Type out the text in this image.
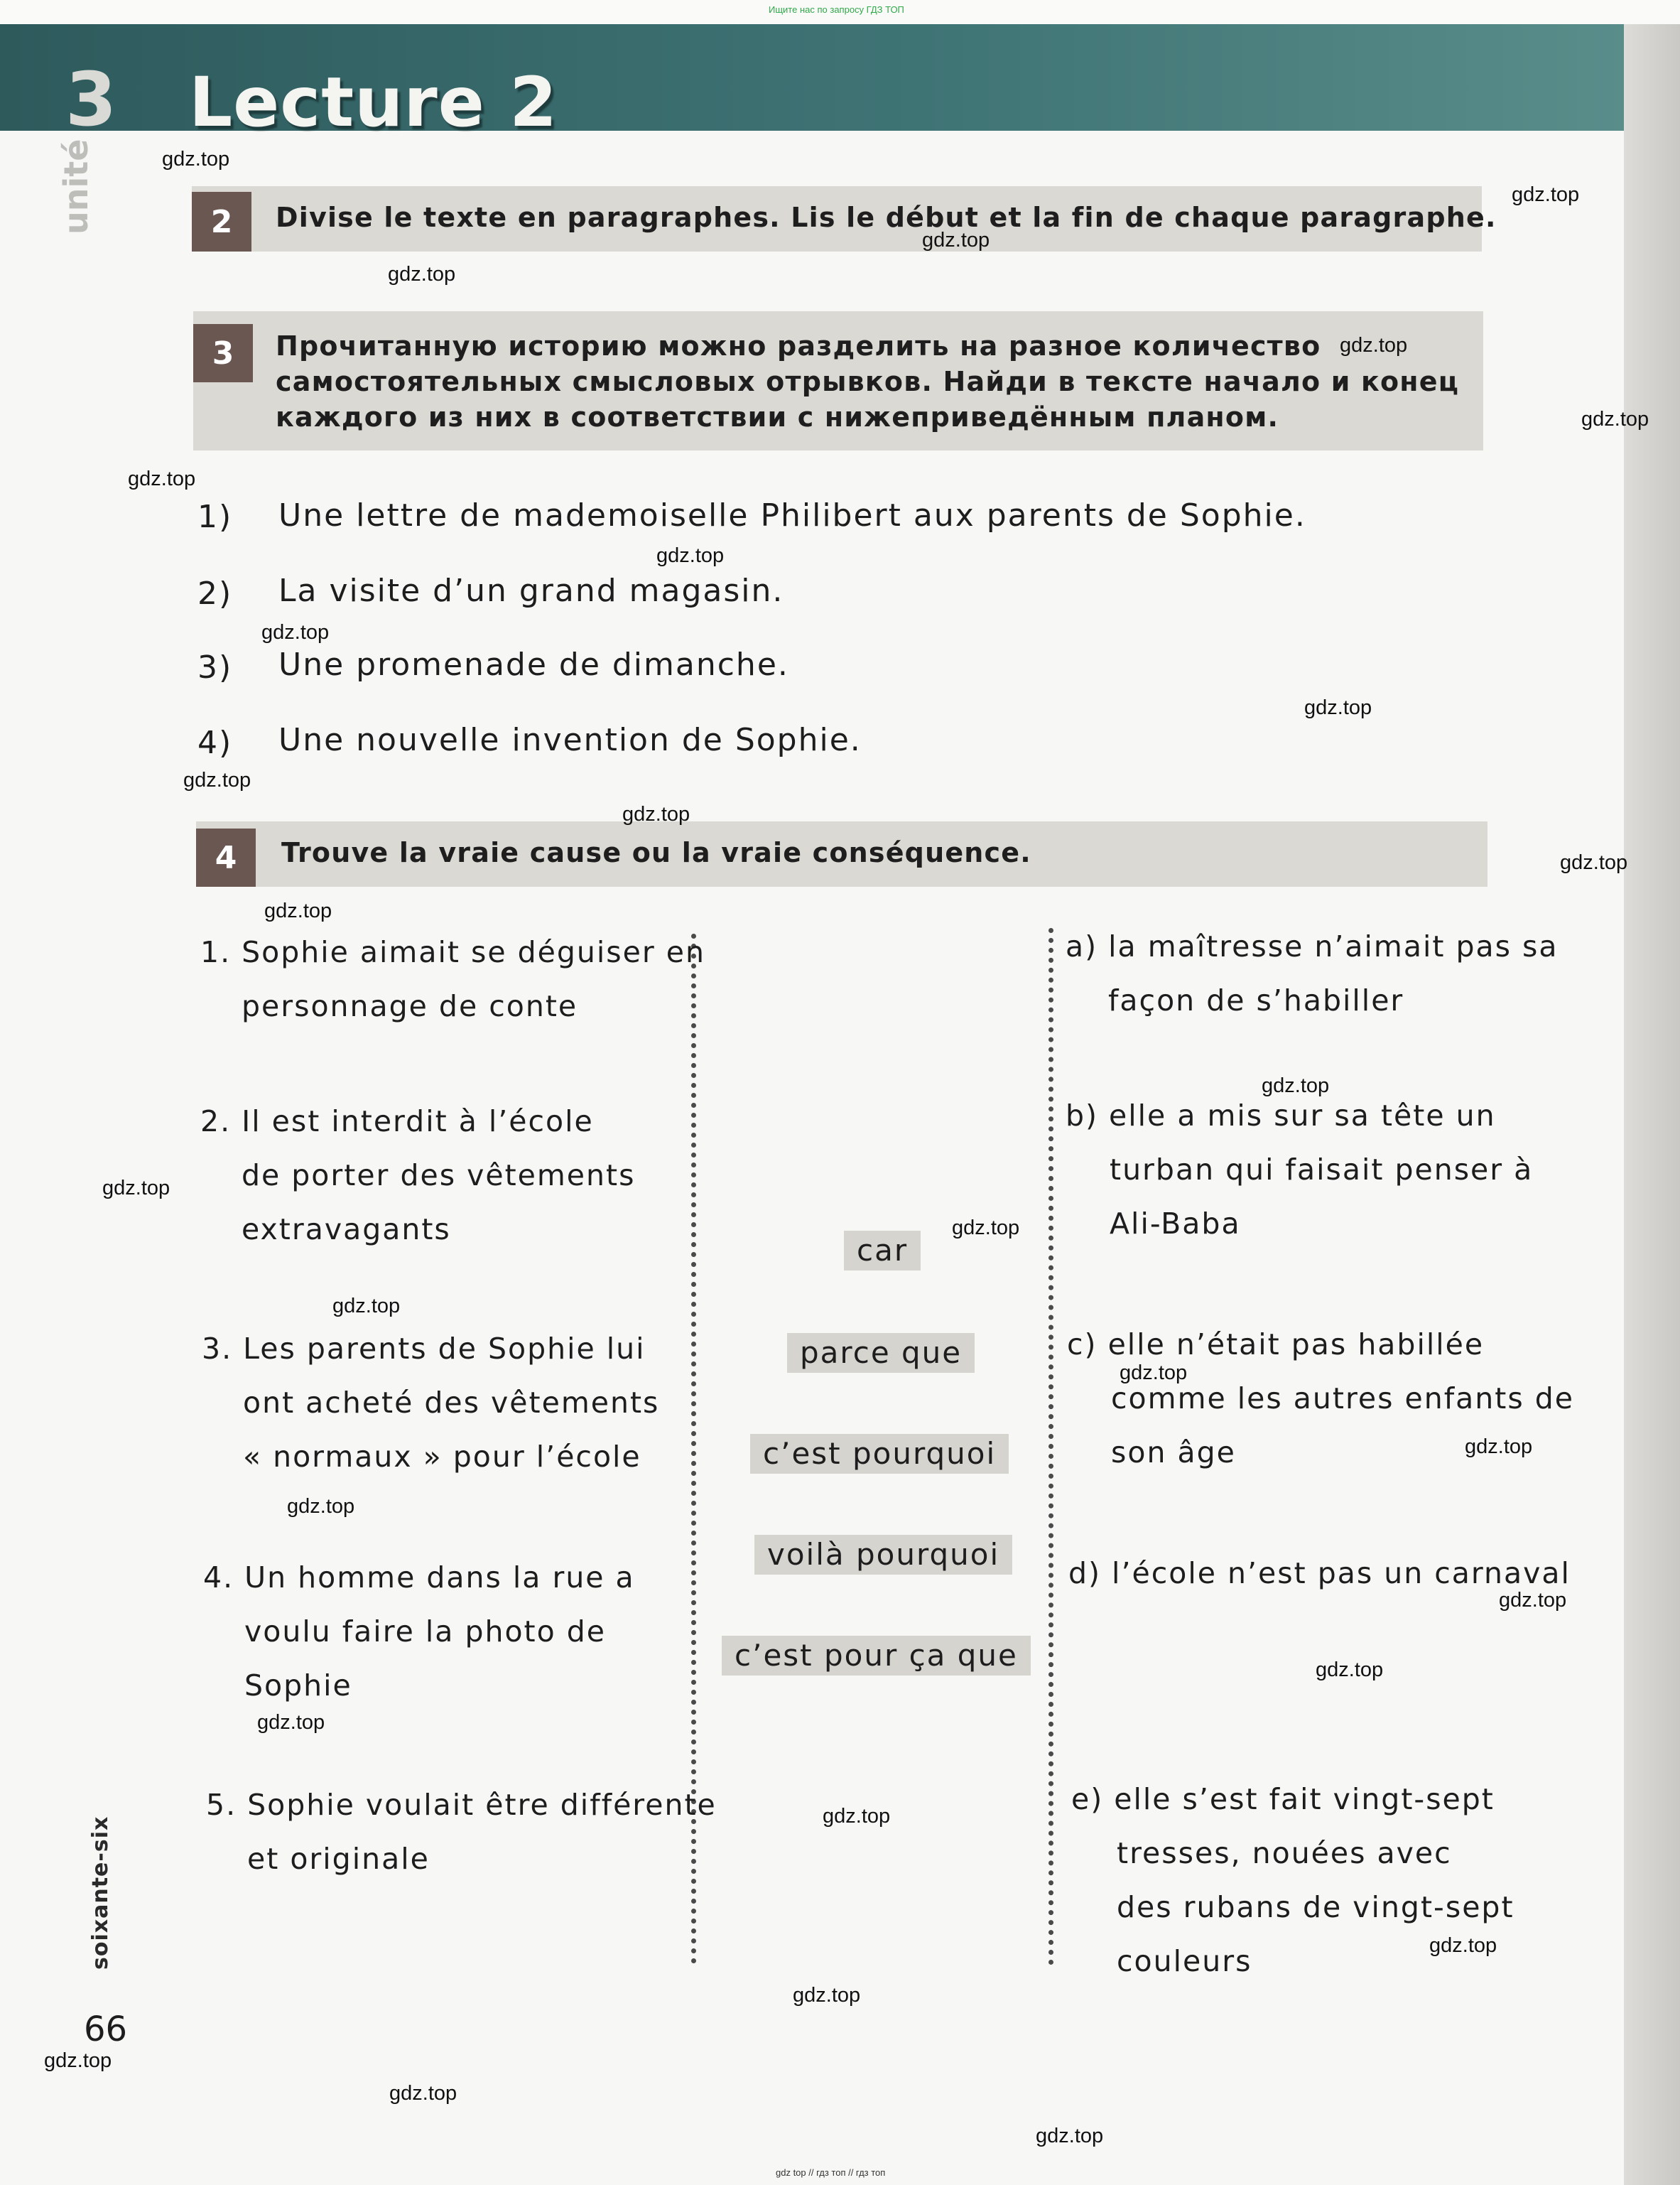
Ищите нас по запросу ГДЗ ТОП
3 Lecture 2
unité	2	Divise le texte en paragraphes. Lis le début et la fin de chaque paragraphe.
3	Прочитанную историю можно разделить на разное количество
самостоятельных смысловых отрывков. Найди в тексте начало и конец
каждого из них в соответствии с нижеприведённым планом.
1) Une lettre de mademoiselle Philibert aux parents de Sophie.
2) La visite d’un grand magasin.
3) Une promenade de dimanche.
4) Une nouvelle invention de Sophie.
4	Trouve la vraie cause ou la vraie conséquence.
1. Sophie aimait se déguiser en
personnage de conte
2. Il est interdit à l’école
de porter des vêtements
extravagants
3. Les parents de Sophie lui
ont acheté des vêtements
« normaux » pour l’école
4. Un homme dans la rue a
voulu faire la photo de
Sophie
5. Sophie voulait être différente
et originale
car
parce que
c’est pourquoi
voilà pourquoi
c’est pour ça que
a) la maîtresse n’aimait pas sa
façon de s’habiller
b) elle a mis sur sa tête un
turban qui faisait penser à
Ali-Baba
c) elle n’était pas habillée
comme les autres enfants de
son âge
d) l’école n’est pas un carnaval
e) elle s’est fait vingt-sept
tresses, nouées avec
des rubans de vingt-sept
couleurs
soixante-six
66
gdz top // гдз топ // гдз топ
gdz.top
gdz.top
gdz.top
gdz.top
gdz.top
gdz.top
gdz.top
gdz.top
gdz.top
gdz.top
gdz.top
gdz.top
gdz.top
gdz.top
gdz.top
gdz.top
gdz.top
gdz.top
gdz.top
gdz.top
gdz.top
gdz.top
gdz.top
gdz.top
gdz.top
gdz.top
gdz.top
gdz.top
gdz.top
gdz.top
